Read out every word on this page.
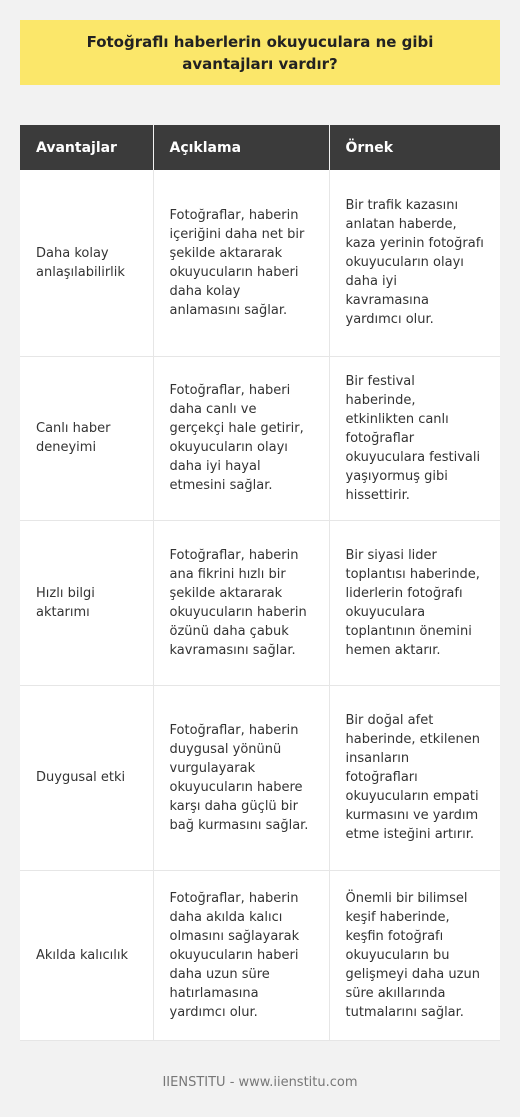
Fotoğraflı haberlerin okuyuculara ne gibi avantajları vardır?
Avantajlar	Açıklama	Örnek
Daha kolay anlaşılabilirlik	Fotoğraflar, haberin içeriğini daha net bir şekilde aktararak okuyucuların haberi daha kolay anlamasını sağlar.	Bir trafik kazasını anlatan haberde, kaza yerinin fotoğrafı okuyucuların olayı daha iyi kavramasına yardımcı olur.
Canlı haber deneyimi	Fotoğraflar, haberi daha canlı ve gerçekçi hale getirir, okuyucuların olayı daha iyi hayal etmesini sağlar.	Bir festival haberinde, etkinlikten canlı fotoğraflar okuyuculara festivali yaşıyormuş gibi hissettirir.
Hızlı bilgi aktarımı	Fotoğraflar, haberin ana fikrini hızlı bir şekilde aktararak okuyucuların haberin özünü daha çabuk kavramasını sağlar.	Bir siyasi lider toplantısı haberinde, liderlerin fotoğrafı okuyuculara toplantının önemini hemen aktarır.
Duygusal etki	Fotoğraflar, haberin duygusal yönünü vurgulayarak okuyucuların habere karşı daha güçlü bir bağ kurmasını sağlar.	Bir doğal afet haberinde, etkilenen insanların fotoğrafları okuyucuların empati kurmasını ve yardım etme isteğini artırır.
Akılda kalıcılık	Fotoğraflar, haberin daha akılda kalıcı olmasını sağlayarak okuyucuların haberi daha uzun süre hatırlamasına yardımcı olur.	Önemli bir bilimsel keşif haberinde, keşfin fotoğrafı okuyucuların bu gelişmeyi daha uzun süre akıllarında tutmalarını sağlar.
IIENSTITU - www.iienstitu.com
